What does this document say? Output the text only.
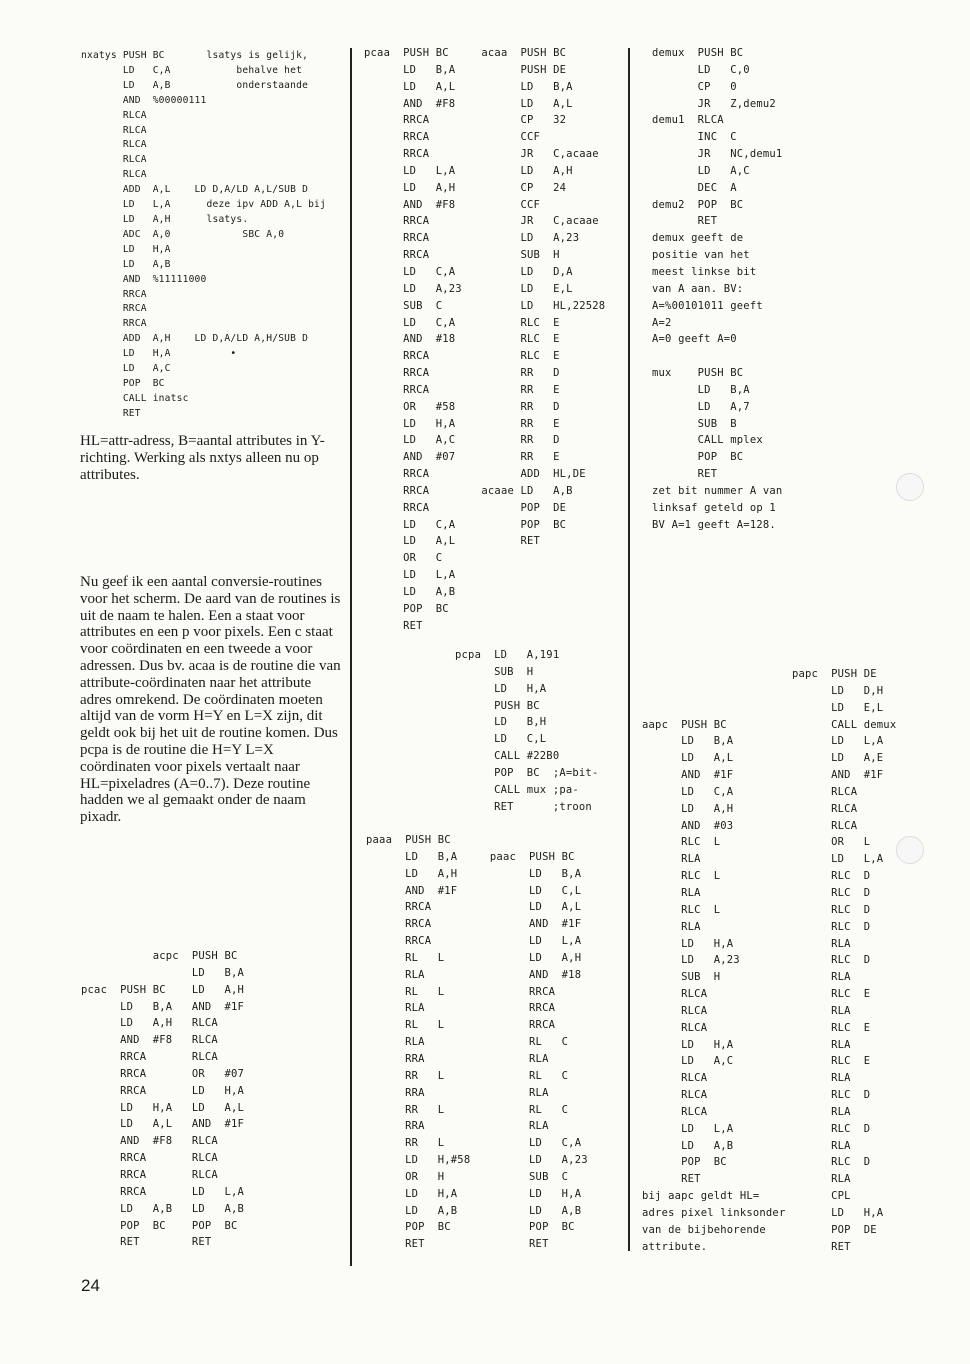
nxatys PUSH BC       lsatys is gelijk,
LD   C,A           behalve het
LD   A,B           onderstaande
AND  %00000111
RLCA
RLCA
RLCA
RLCA
RLCA
ADD  A,L    LD D,A/LD A,L/SUB D
LD   L,A      deze ipv ADD A,L bij
LD   A,H      lsatys.
ADC  A,0            SBC A,0
LD   H,A
LD   A,B
AND  %11111000
RRCA
RRCA
RRCA
ADD  A,H    LD D,A/LD A,H/SUB D
LD   H,A          •
LD   A,C
POP  BC
CALL inatsc
RET

HL=attr-adress, B=aantal attributes in Y-richting. Werking als nxtys alleen nu op attributes.

Nu geef ik een aantal conversie-routines voor het scherm. De aard van de routines is uit de naam te halen. Een a staat voor attributes en een p voor pixels. Een c staat voor coördinaten en een tweede a voor adressen. Dus bv. acaa is de routine die van attribute-coördinaten naar het attribute adres omrekend. De coördinaten moeten altijd van de vorm H=Y en L=X zijn, dit geldt ook bij het uit de routine komen. Dus pcpa is de routine die H=Y L=X coördinaten voor pixels vertaalt naar HL=pixeladres (A=0..7). Deze routine hadden we al gemaakt onder de naam pixadr.

acpc  PUSH BC
LD   B,A
pcac  PUSH BC    LD   A,H
LD   B,A   AND  #1F
LD   A,H   RLCA
AND  #F8   RLCA
RRCA       RLCA
RRCA       OR   #07
RRCA       LD   H,A
LD   H,A   LD   A,L
LD   A,L   AND  #1F
AND  #F8   RLCA
RRCA       RLCA
RRCA       RLCA
RRCA       LD   L,A
LD   A,B   LD   A,B
POP  BC    POP  BC
RET        RET
pcaa  PUSH BC     acaa  PUSH BC
LD   B,A          PUSH DE
LD   A,L          LD   B,A
AND  #F8          LD   A,L
RRCA              CP   32
RRCA              CCF
RRCA              JR   C,acaae
LD   L,A          LD   A,H
LD   A,H          CP   24
AND  #F8          CCF
RRCA              JR   C,acaae
RRCA              LD   A,23
RRCA              SUB  H
LD   C,A          LD   D,A
LD   A,23         LD   E,L
SUB  C            LD   HL,22528
LD   C,A          RLC  E
AND  #18          RLC  E
RRCA              RLC  E
RRCA              RR   D
RRCA              RR   E
OR   #58          RR   D
LD   H,A          RR   E
LD   A,C          RR   D
AND  #07          RR   E
RRCA              ADD  HL,DE
RRCA        acaae LD   A,B
RRCA              POP  DE
LD   C,A          POP  BC
LD   A,L          RET
OR   C
LD   L,A
LD   A,B
POP  BC
RET
pcpa  LD   A,191
SUB  H
LD   H,A
PUSH BC
LD   B,H
LD   C,L
CALL #22B0
POP  BC  ;A=bit-
CALL mux ;pa-
RET      ;troon
paaa  PUSH BC
LD   B,A     paac  PUSH BC
LD   A,H           LD   B,A
AND  #1F           LD   C,L
RRCA               LD   A,L
RRCA               AND  #1F
RRCA               LD   L,A
RL   L             LD   A,H
RLA                AND  #18
RL   L             RRCA
RLA                RRCA
RL   L             RRCA
RLA                RL   C
RRA                RLA
RR   L             RL   C
RRA                RLA
RR   L             RL   C
RRA                RLA
RR   L             LD   C,A
LD   H,#58         LD   A,23
OR   H             SUB  C
LD   H,A           LD   H,A
LD   A,B           LD   A,B
POP  BC            POP  BC
RET                RET
demux  PUSH BC
LD   C,0
CP   0
JR   Z,demu2
demu1  RLCA
INC  C
JR   NC,demu1
LD   A,C
DEC  A
demu2  POP  BC
RET
demux geeft de
positie van het
meest linkse bit
van A aan. BV:
A=%00101011 geeft
A=2
A=0 geeft A=0

mux    PUSH BC
LD   B,A
LD   A,7
SUB  B
CALL mplex
POP  BC
RET
zet bit nummer A van
linksaf geteld op 1
BV A=1 geeft A=128.
papc  PUSH DE
LD   D,H
LD   E,L
aapc  PUSH BC                CALL demux
LD   B,A               LD   L,A
LD   A,L               LD   A,E
AND  #1F               AND  #1F
LD   C,A               RLCA
LD   A,H               RLCA
AND  #03               RLCA
RLC  L                 OR   L
RLA                    LD   L,A
RLC  L                 RLC  D
RLA                    RLC  D
RLC  L                 RLC  D
RLA                    RLC  D
LD   H,A               RLA
LD   A,23              RLC  D
SUB  H                 RLA
RLCA                   RLC  E
RLCA                   RLA
RLCA                   RLC  E
LD   H,A               RLA
LD   A,C               RLC  E
RLCA                   RLA
RLCA                   RLC  D
RLCA                   RLA
LD   L,A               RLC  D
LD   A,B               RLA
POP  BC                RLC  D
RET                    RLA
bij aapc geldt HL=           CPL
adres pixel linksonder       LD   H,A
van de bijbehorende          POP  DE
attribute.                   RET
24
